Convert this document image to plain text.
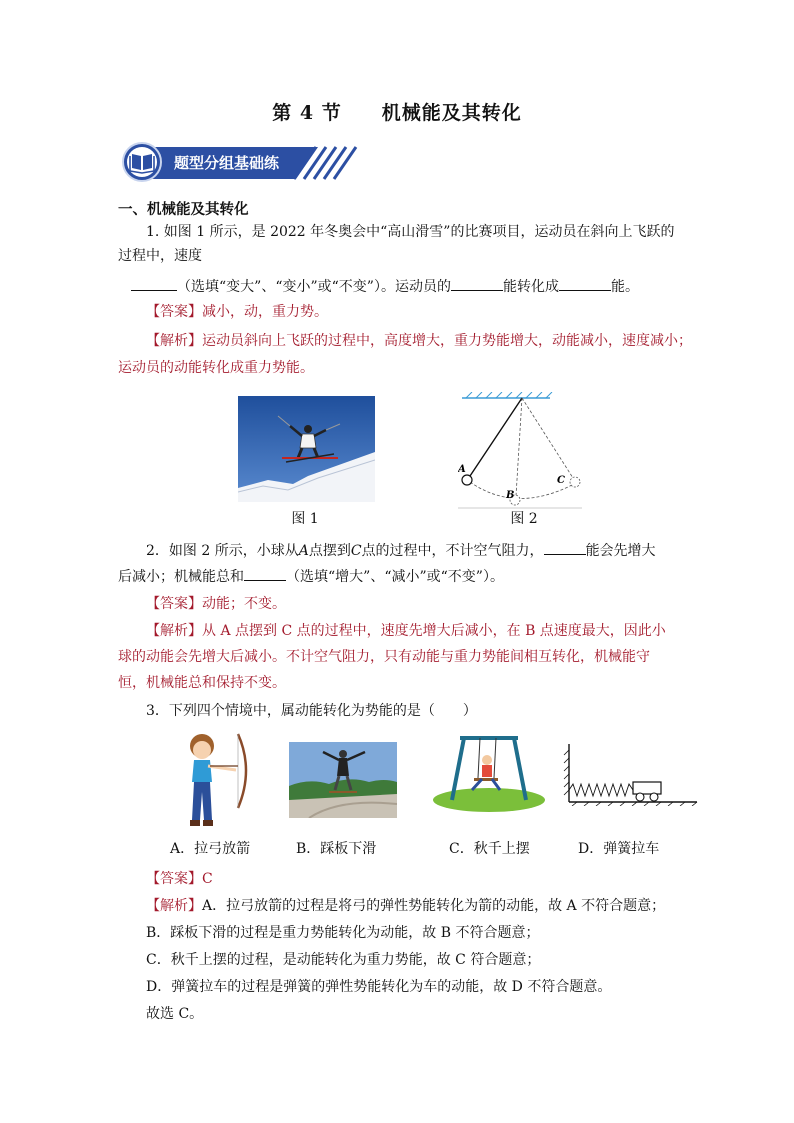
第 4 节 机械能及其转化
题型分组基础练
一、机械能及其转化
1. 如图 1 所示，是 2022 年冬奥会中“高山滑雪”的比赛项目，运动员在斜向上飞跃的
过程中，速度
（选填“变大”、“变小”或“不变”）。运动员的	能转化成	能。
【答案】减小，动，重力势。
【解析】运动员斜向上飞跃的过程中，高度增大，重力势能增大，动能减小，速度减小；
运动员的动能转化成重力势能。
图 1
A
B
C
图 2
2．如图 2 所示，小球从A点摆到C点的过程中，不计空气阻力，	能会先增大
后减小；机械能总和	（选填“增大”、“减小”或“不变”）。
【答案】动能；不变。
【解析】从 A 点摆到 C 点的过程中，速度先增大后减小，在 B 点速度最大，因此小
球的动能会先增大后减小。不计空气阻力，只有动能与重力势能间相互转化，机械能守
恒，机械能总和保持不变。
3．下列四个情境中，属动能转化为势能的是（　　）
A．拉弓放箭	B．踩板下滑	C．秋千上摆	D．弹簧拉车
【答案】C
【解析】A．拉弓放箭的过程是将弓的弹性势能转化为箭的动能，故 A 不符合题意；
B．踩板下滑的过程是重力势能转化为动能，故 B 不符合题意；
C．秋千上摆的过程，是动能转化为重力势能，故 C 符合题意；
D．弹簧拉车的过程是弹簧的弹性势能转化为车的动能，故 D 不符合题意。
故选 C。
